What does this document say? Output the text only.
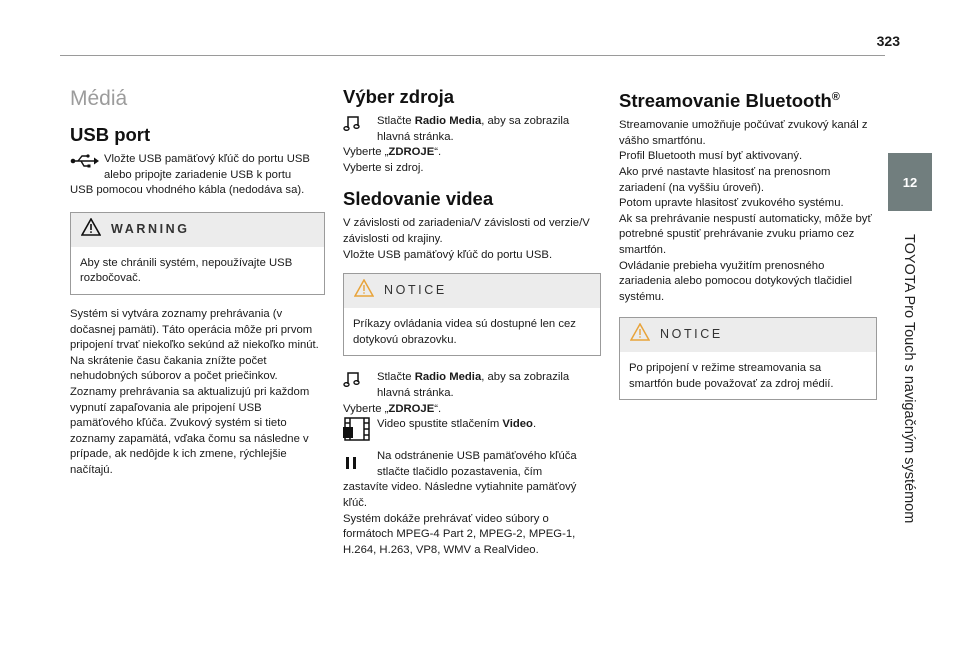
323
12
TOYOTA Pro Touch s navigačným systémom
Médiá
USB port
Vložte USB pamäťový kľúč do portu USB alebo pripojte zariadenie USB k portu

USB pomocou vhodného kábla (nedodáva sa).

WARNING
Aby ste chránili systém, nepoužívajte USB rozbočovač.

Systém si vytvára zoznamy prehrávania (v dočasnej pamäti). Táto operácia môže pri prvom pripojení trvať niekoľko sekúnd až niekoľko minút.

Na skrátenie času čakania znížte počet nehudobných súborov a počet priečinkov.

Zoznamy prehrávania sa aktualizujú pri každom vypnutí zapaľovania ale pripojení USB pamäťového kľúča. Zvukový systém si tieto zoznamy zapamätá, vďaka čomu sa následne v prípade, ak nedôjde k ich zmene, rýchlejšie načítajú.

Výber zdroja
Stlačte Radio Media, aby sa zobrazila hlavná stránka.

Vyberte „ZDROJE“.

Vyberte si zdroj.

Sledovanie videa

V závislosti od zariadenia/V závislosti od verzie/V závislosti od krajiny.

Vložte USB pamäťový kľúč do portu USB.

NOTICE
Príkazy ovládania videa sú dostupné len cez dotykovú obrazovku.
Stlačte Radio Media, aby sa zobrazila hlavná stránka.

Vyberte „ZDROJE“.

Video spustite stlačením Video.
Na odstránenie USB pamäťového kľúča stlačte tlačidlo pozastavenia, čím

zastavíte video. Následne vytiahnite pamäťový kľúč.

Systém dokáže prehrávať video súbory o formátoch MPEG-4 Part 2, MPEG-2, MPEG-1, H.264, H.263, VP8, WMV a RealVideo.

Streamovanie Bluetooth®

Streamovanie umožňuje počúvať zvukový kanál z vášho smartfónu.

Profil Bluetooth musí byť aktivovaný.

Ako prvé nastavte hlasitosť na prenosnom zariadení (na vyššiu úroveň).

Potom upravte hlasitosť zvukového systému.

Ak sa prehrávanie nespustí automaticky, môže byť potrebné spustiť prehrávanie zvuku priamo cez smartfón.

Ovládanie prebieha využitím prenosného zariadenia alebo pomocou dotykových tlačidiel systému.

NOTICE
Po pripojení v režime streamovania sa smartfón bude považovať za zdroj médií.
